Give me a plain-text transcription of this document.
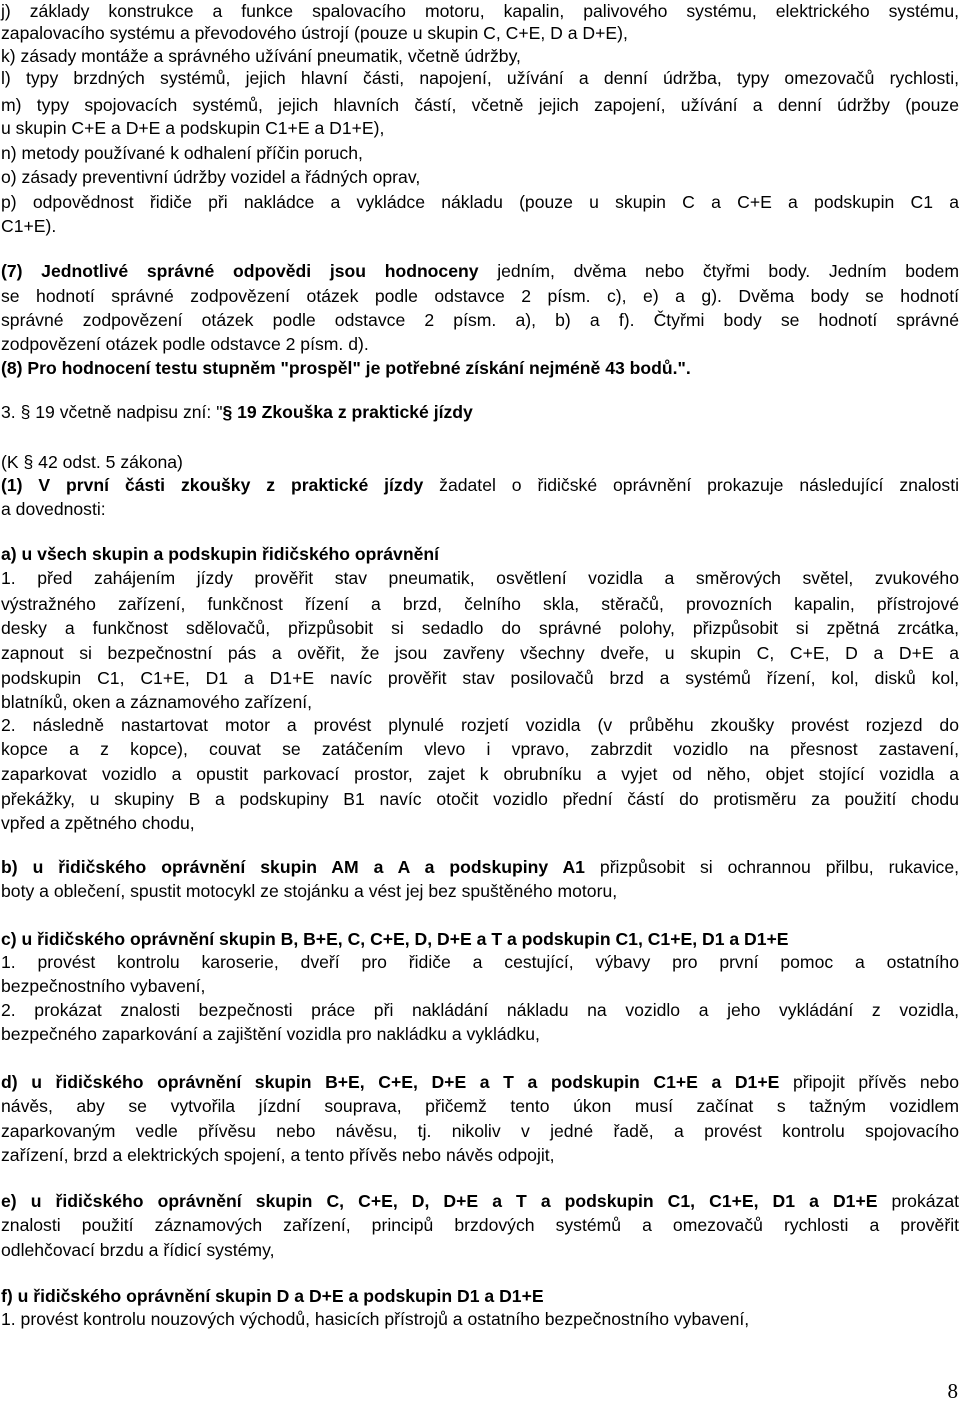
j) základy konstrukce a funkce spalovacího motoru, kapalin, palivového systému, elektrického systému,
zapalovacího systému a převodového ústrojí (pouze u skupin C, C+E, D a D+E),
k) zásady montáže a správného užívání pneumatik, včetně údržby,
l) typy brzdných systémů, jejich hlavní části, napojení, užívání a denní údržba, typy omezovačů rychlosti,
m) typy spojovacích systémů, jejich hlavních částí, včetně jejich zapojení, užívání a denní údržby (pouze
u skupin C+E a D+E a podskupin C1+E a D1+E),
n) metody používané k odhalení příčin poruch,
o) zásady preventivní údržby vozidel a řádných oprav,
p) odpovědnost řidiče při nakládce a vykládce nákladu (pouze u skupin C a C+E a podskupin C1 a
C1+E).
(7) Jednotlivé správné odpovědi jsou hodnoceny jedním, dvěma nebo čtyřmi body. Jedním bodem
se hodnotí správné zodpovězení otázek podle odstavce 2 písm. c), e) a g). Dvěma body se hodnotí
správné zodpovězení otázek podle odstavce 2 písm. a), b) a f). Čtyřmi body se hodnotí správné
zodpovězení otázek podle odstavce 2 písm. d).
(8) Pro hodnocení testu stupněm "prospěl" je potřebné získání nejméně 43 bodů.".
3. § 19 včetně nadpisu zní: "§ 19 Zkouška z praktické jízdy
(K § 42 odst. 5 zákona)
(1) V první části zkoušky z praktické jízdy žadatel o řidičské oprávnění prokazuje následující znalosti
a dovednosti:
a) u všech skupin a podskupin řidičského oprávnění
1. před zahájením jízdy prověřit stav pneumatik, osvětlení vozidla a směrových světel, zvukového
výstražného zařízení, funkčnost řízení a brzd, čelního skla, stěračů, provozních kapalin, přístrojové
desky a funkčnost sdělovačů, přizpůsobit si sedadlo do správné polohy, přizpůsobit si zpětná zrcátka,
zapnout si bezpečnostní pás a ověřit, že jsou zavřeny všechny dveře, u skupin C, C+E, D a D+E a
podskupin C1, C1+E, D1 a D1+E navíc prověřit stav posilovačů brzd a systémů řízení, kol, disků kol,
blatníků, oken a záznamového zařízení,
2. následně nastartovat motor a provést plynulé rozjetí vozidla (v průběhu zkoušky provést rozjezd do
kopce a z kopce), couvat se zatáčením vlevo i vpravo, zabrzdit vozidlo na přesnost zastavení,
zaparkovat vozidlo a opustit parkovací prostor, zajet k obrubníku a vyjet od něho, objet stojící vozidla a
překážky, u skupiny B a podskupiny B1 navíc otočit vozidlo přední částí do protisměru za použití chodu
vpřed a zpětného chodu,
b) u řidičského oprávnění skupin AM a A a podskupiny A1 přizpůsobit si ochrannou přilbu, rukavice,
boty a oblečení, spustit motocykl ze stojánku a vést jej bez spuštěného motoru,
c) u řidičského oprávnění skupin B, B+E, C, C+E, D, D+E a T a podskupin C1, C1+E, D1 a D1+E
1. provést kontrolu karoserie, dveří pro řidiče a cestující, výbavy pro první pomoc a ostatního
bezpečnostního vybavení,
2. prokázat znalosti bezpečnosti práce při nakládání nákladu na vozidlo a jeho vykládání z vozidla,
bezpečného zaparkování a zajištění vozidla pro nakládku a vykládku,
d) u řidičského oprávnění skupin B+E, C+E, D+E a T a podskupin C1+E a D1+E připojit přívěs nebo
návěs, aby se vytvořila jízdní souprava, přičemž tento úkon musí začínat s tažným vozidlem
zaparkovaným vedle přívěsu nebo návěsu, tj. nikoliv v jedné řadě, a provést kontrolu spojovacího
zařízení, brzd a elektrických spojení, a tento přívěs nebo návěs odpojit,
e) u řidičského oprávnění skupin C, C+E, D, D+E a T a podskupin C1, C1+E, D1 a D1+E prokázat
znalosti použití záznamových zařízení, principů brzdových systémů a omezovačů rychlosti a prověřit
odlehčovací brzdu a řídicí systémy,
f) u řidičského oprávnění skupin D a D+E a podskupin D1 a D1+E
1. provést kontrolu nouzových východů, hasicích přístrojů a ostatního bezpečnostního vybavení,
8
